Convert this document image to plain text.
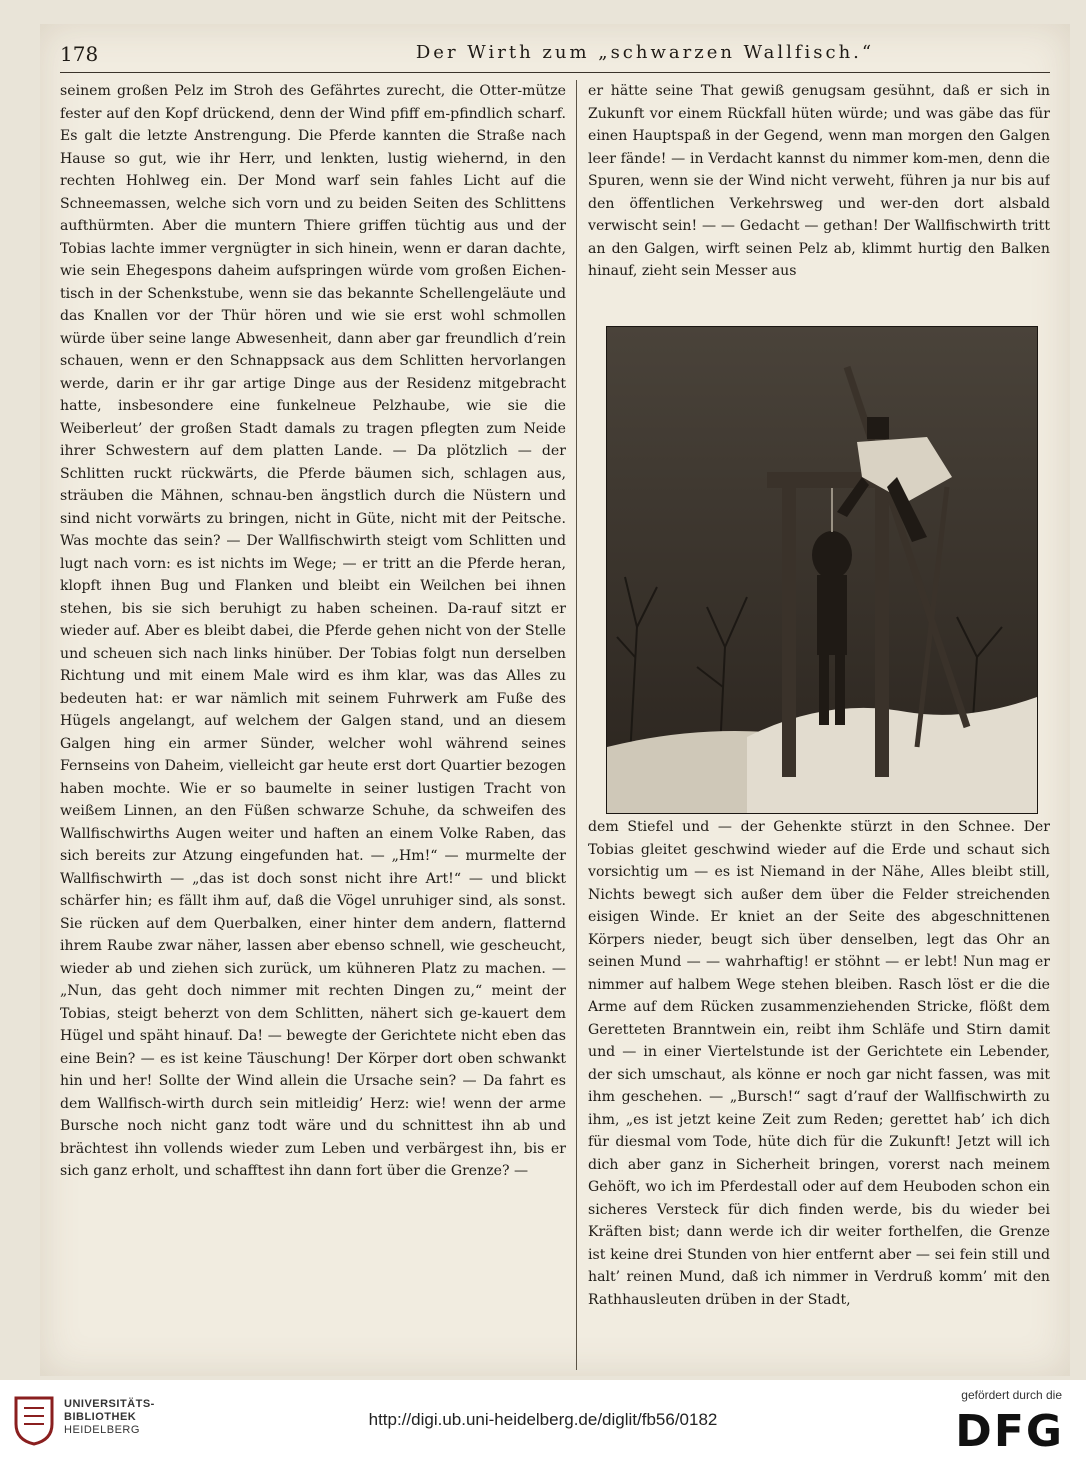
178	Der Wirth zum „schwarzen Wallfisch.“

seinem großen Pelz im Stroh des Gefährtes zurecht, die Otter-mütze fester auf den Kopf drückend, denn der Wind pfiff em-pfindlich scharf. Es galt die letzte Anstrengung. Die Pferde kannten die Straße nach Hause so gut, wie ihr Herr, und lenkten, lustig wiehernd, in den rechten Hohlweg ein. Der Mond warf sein fahles Licht auf die Schneemassen, welche sich vorn und zu beiden Seiten des Schlittens aufthürmten. Aber die muntern Thiere griffen tüchtig aus und der Tobias lachte immer vergnügter in sich hinein, wenn er daran dachte, wie sein Ehegespons daheim aufspringen würde vom großen Eichen-tisch in der Schenkstube, wenn sie das bekannte Schellengeläute und das Knallen vor der Thür hören und wie sie erst wohl schmollen würde über seine lange Abwesenheit, dann aber gar freundlich d’rein schauen, wenn er den Schnappsack aus dem Schlitten hervorlangen werde, darin er ihr gar artige Dinge aus der Residenz mitgebracht hatte, insbesondere eine funkelneue Pelzhaube, wie sie die Weiberleut’ der großen Stadt damals zu tragen pflegten zum Neide ihrer Schwestern auf dem platten Lande. — Da plötzlich — der Schlitten ruckt rückwärts, die Pferde bäumen sich, schlagen aus, sträuben die Mähnen, schnau-ben ängstlich durch die Nüstern und sind nicht vorwärts zu bringen, nicht in Güte, nicht mit der Peitsche. Was mochte das sein? — Der Wallfischwirth steigt vom Schlitten und lugt nach vorn: es ist nichts im Wege; — er tritt an die Pferde heran, klopft ihnen Bug und Flanken und bleibt ein Weilchen bei ihnen stehen, bis sie sich beruhigt zu haben scheinen. Da-rauf sitzt er wieder auf. Aber es bleibt dabei, die Pferde gehen nicht von der Stelle und scheuen sich nach links hinüber. Der Tobias folgt nun derselben Richtung und mit einem Male wird es ihm klar, was das Alles zu bedeuten hat: er war nämlich mit seinem Fuhrwerk am Fuße des Hügels angelangt, auf welchem der Galgen stand, und an diesem Galgen hing ein armer Sünder, welcher wohl während seines Fernseins von Daheim, vielleicht gar heute erst dort Quartier bezogen haben mochte. Wie er so baumelte in seiner lustigen Tracht von weißem Linnen, an den Füßen schwarze Schuhe, da schweifen des Wallfischwirths Augen weiter und haften an einem Volke Raben, das sich bereits zur Atzung eingefunden hat. — „Hm!“ — murmelte der Wallfischwirth — „das ist doch sonst nicht ihre Art!“ — und blickt schärfer hin; es fällt ihm auf, daß die Vögel unruhiger sind, als sonst. Sie rücken auf dem Querbalken, einer hinter dem andern, flatternd ihrem Raube zwar näher, lassen aber ebenso schnell, wie gescheucht, wieder ab und ziehen sich zurück, um kühneren Platz zu machen. — „Nun, das geht doch nimmer mit rechten Dingen zu,“ meint der Tobias, steigt beherzt von dem Schlitten, nähert sich ge-kauert dem Hügel und späht hinauf. Da! — bewegte der Gerichtete nicht eben das eine Bein? — es ist keine Täuschung! Der Körper dort oben schwankt hin und her! Sollte der Wind allein die Ursache sein? — Da fahrt es dem Wallfisch-wirth durch sein mitleidig’ Herz: wie! wenn der arme Bursche noch nicht ganz todt wäre und du schnittest ihn ab und brächtest ihn vollends wieder zum Leben und verbärgest ihn, bis er sich ganz erholt, und schafftest ihn dann fort über die Grenze? —

er hätte seine That gewiß genugsam gesühnt, daß er sich in Zukunft vor einem Rückfall hüten würde; und was gäbe das für einen Hauptspaß in der Gegend, wenn man morgen den Galgen leer fände! — in Verdacht kannst du nimmer kom-men, denn die Spuren, wenn sie der Wind nicht verweht, führen ja nur bis auf den öffentlichen Verkehrsweg und wer-den dort alsbald verwischt sein! — — Gedacht — gethan! Der Wallfischwirth tritt an den Galgen, wirft seinen Pelz ab, klimmt hurtig den Balken hinauf, zieht sein Messer aus

dem Stiefel und — der Gehenkte stürzt in den Schnee. Der Tobias gleitet geschwind wieder auf die Erde und schaut sich vorsichtig um — es ist Niemand in der Nähe, Alles bleibt still, Nichts bewegt sich außer dem über die Felder streichenden eisigen Winde. Er kniet an der Seite des abgeschnittenen Körpers nieder, beugt sich über denselben, legt das Ohr an seinen Mund — — wahrhaftig! er stöhnt — er lebt! Nun mag er nimmer auf halbem Wege stehen bleiben. Rasch löst er die die Arme auf dem Rücken zusammenziehenden Stricke, flößt dem Geretteten Branntwein ein, reibt ihm Schläfe und Stirn damit und — in einer Viertelstunde ist der Gerichtete ein Lebender, der sich umschaut, als könne er noch gar nicht fassen, was mit ihm geschehen. — „Bursch!“ sagt d’rauf der Wallfischwirth zu ihm, „es ist jetzt keine Zeit zum Reden; gerettet hab’ ich dich für diesmal vom Tode, hüte dich für die Zukunft! Jetzt will ich dich aber ganz in Sicherheit bringen, vorerst nach meinem Gehöft, wo ich im Pferdestall oder auf dem Heuboden schon ein sicheres Versteck für dich finden werde, bis du wieder bei Kräften bist; dann werde ich dir weiter forthelfen, die Grenze ist keine drei Stunden von hier entfernt aber — sei fein still und halt’ reinen Mund, daß ich nimmer in Verdruß komm’ mit den Rathhausleuten drüben in der Stadt,

UNIVERSITÄTS-
BIBLIOTHEK
HEIDELBERG
http://digi.ub.uni-heidelberg.de/diglit/fb56/0182
gefördert durch die
DFG
